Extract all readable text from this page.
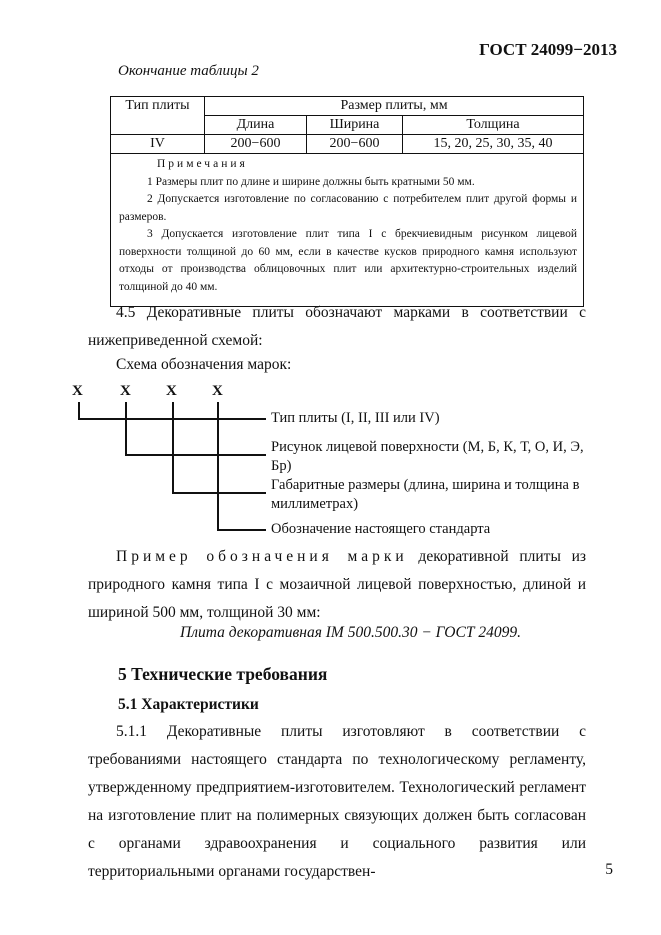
ГОСТ 24099−2013
Окончание таблицы 2
Тип плиты	Размер плиты, мм		
	Длина	Ширина	Толщина
IV	200−600	200−600	15, 20, 25, 30, 35, 40

Примечания

1 Размеры плит по длине и ширине должны быть кратными 50 мм.

2 Допускается изготовление по согласованию с потребителем плит другой формы и размеров.

3 Допускается изготовление плит типа I с брекчиевидным рисунком лицевой поверхности толщиной до 60 мм, если в качестве кусков природного камня используют отходы от производства облицовочных плит или архитектурно-строительных изделий толщиной до 40 мм.			

4.5 Декоративные плиты обозначают марками в соответствии с нижеприведенной схемой:
Схема обозначения марок:
X X X X
Тип плиты (I, II, III или IV)
Рисунок лицевой поверхности (М, Б, К, Т, О, И, Э, Бр)
Габаритные размеры (длина, ширина и толщина в миллиметрах)
Обозначение настоящего стандарта
Пример обозначения марки декоративной плиты из природного камня типа I с мозаичной лицевой поверхностью, длиной и шириной 500 мм, толщиной 30 мм:
Плита декоративная IM 500.500.30 − ГОСТ 24099.
5 Технические требования
5.1 Характеристики
5.1.1 Декоративные плиты изготовляют в соответствии с требованиями настоящего стандарта по технологическому регламенту, утвержденному предприятием-изготовителем. Технологический регламент на изготовление плит на полимерных связующих должен быть согласован с органами здравоохранения и социального развития или территориальными органами государствен-	5
